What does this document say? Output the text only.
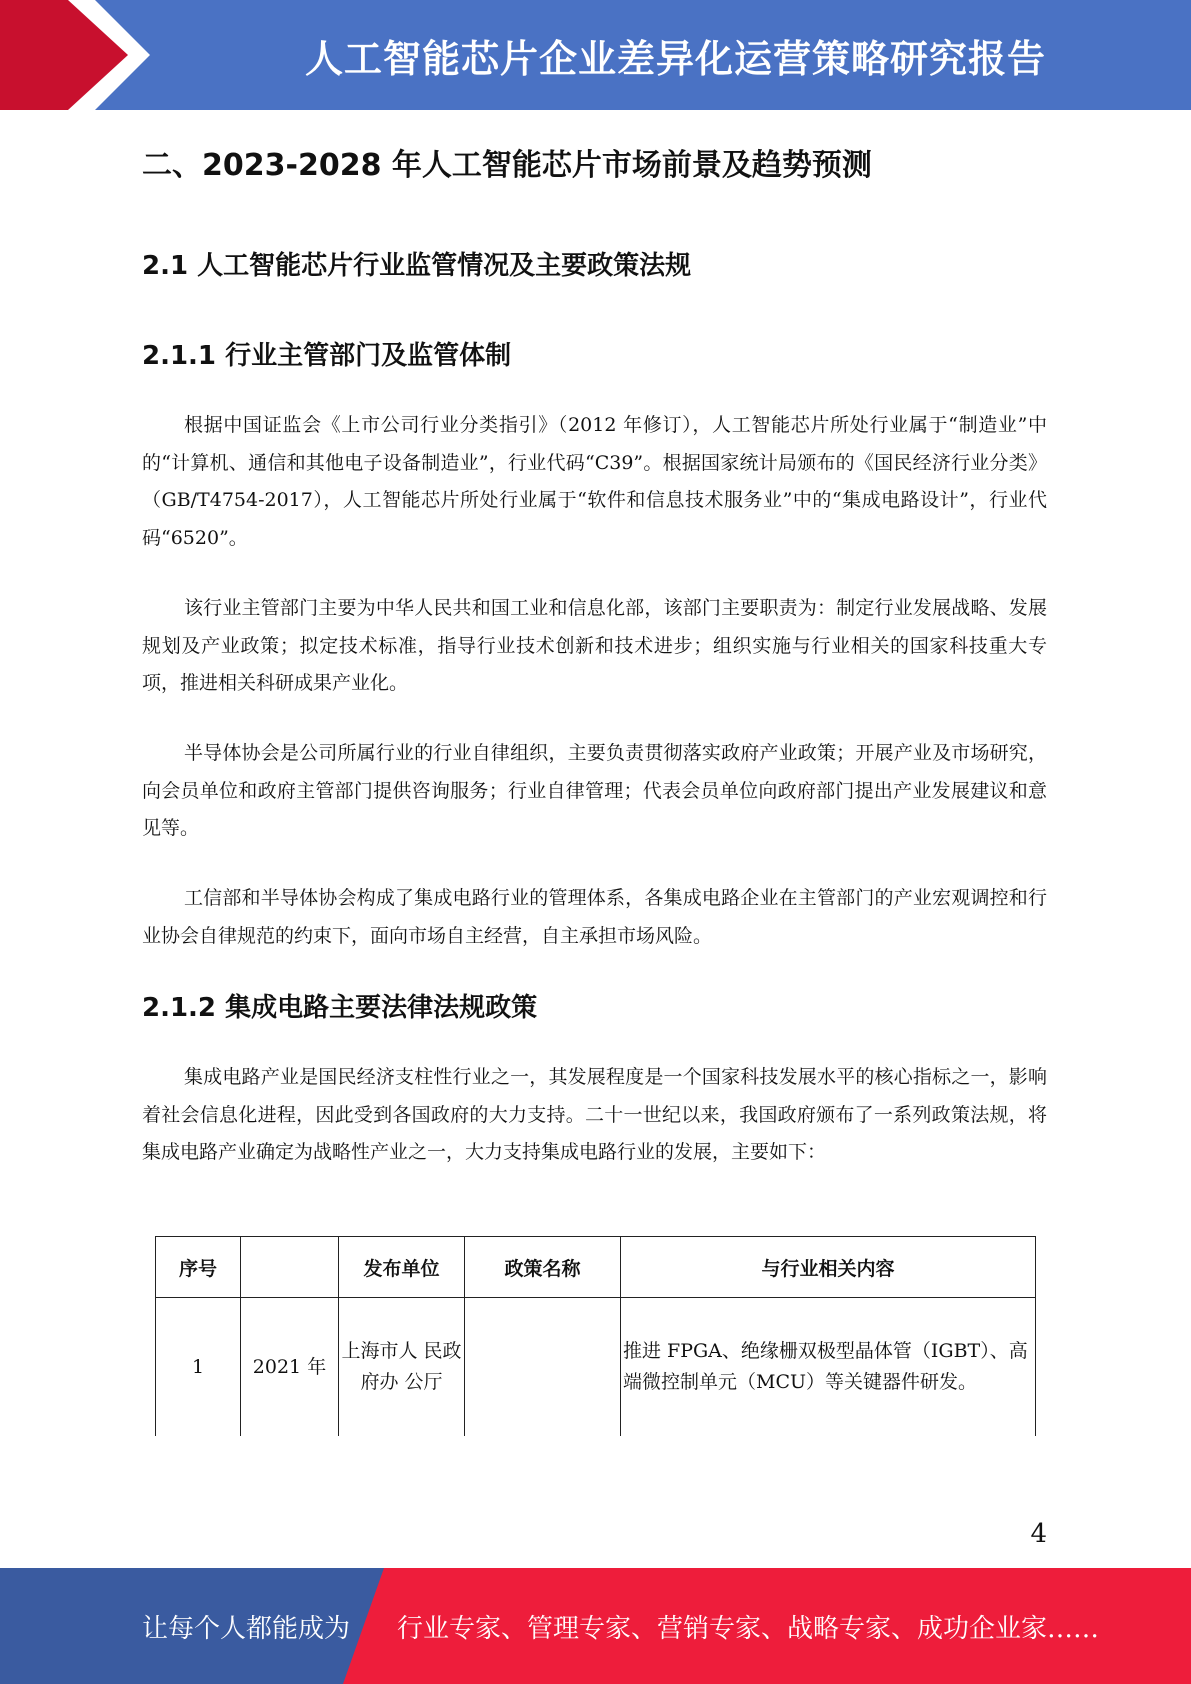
人工智能芯片企业差异化运营策略研究报告
二、2023-2028 年人工智能芯片市场前景及趋势预测
2.1 人工智能芯片行业监管情况及主要政策法规
2.1.1 行业主管部门及监管体制

根据中国证监会《上市公司行业分类指引》（2012 年修订），人工智能芯片所处行业属于“制造业”中的“计算机、通信和其他电子设备制造业”，行业代码“C39”。根据国家统计局颁布的《国民经济行业分类》（GB/T4754-2017），人工智能芯片所处行业属于“软件和信息技术服务业”中的“集成电路设计”，行业代码“6520”。

该行业主管部门主要为中华人民共和国工业和信息化部，该部门主要职责为：制定行业发展战略、发展规划及产业政策；拟定技术标准，指导行业技术创新和技术进步；组织实施与行业相关的国家科技重大专项，推进相关科研成果产业化。

半导体协会是公司所属行业的行业自律组织，主要负责贯彻落实政府产业政策；开展产业及市场研究，向会员单位和政府主管部门提供咨询服务；行业自律管理；代表会员单位向政府部门提出产业发展建议和意见等。

工信部和半导体协会构成了集成电路行业的管理体系，各集成电路企业在主管部门的产业宏观调控和行业协会自律规范的约束下，面向市场自主经营，自主承担市场风险。

2.1.2 集成电路主要法律法规政策

集成电路产业是国民经济支柱性行业之一，其发展程度是一个国家科技发展水平的核心指标之一，影响着社会信息化进程，因此受到各国政府的大力支持。二十一世纪以来，我国政府颁布了一系列政策法规，将集成电路产业确定为战略性产业之一，大力支持集成电路行业的发展，主要如下：

序号		发布单位	政策名称	与行业相关内容
1	2021 年	上海市人 民政府办 公厅		推进 FPGA、绝缘栅双极型晶体管（IGBT）、高端微控制单元（MCU）等关键器件研发。
4
让每个人都能成为 行业专家、管理专家、营销专家、战略专家、成功企业家……
